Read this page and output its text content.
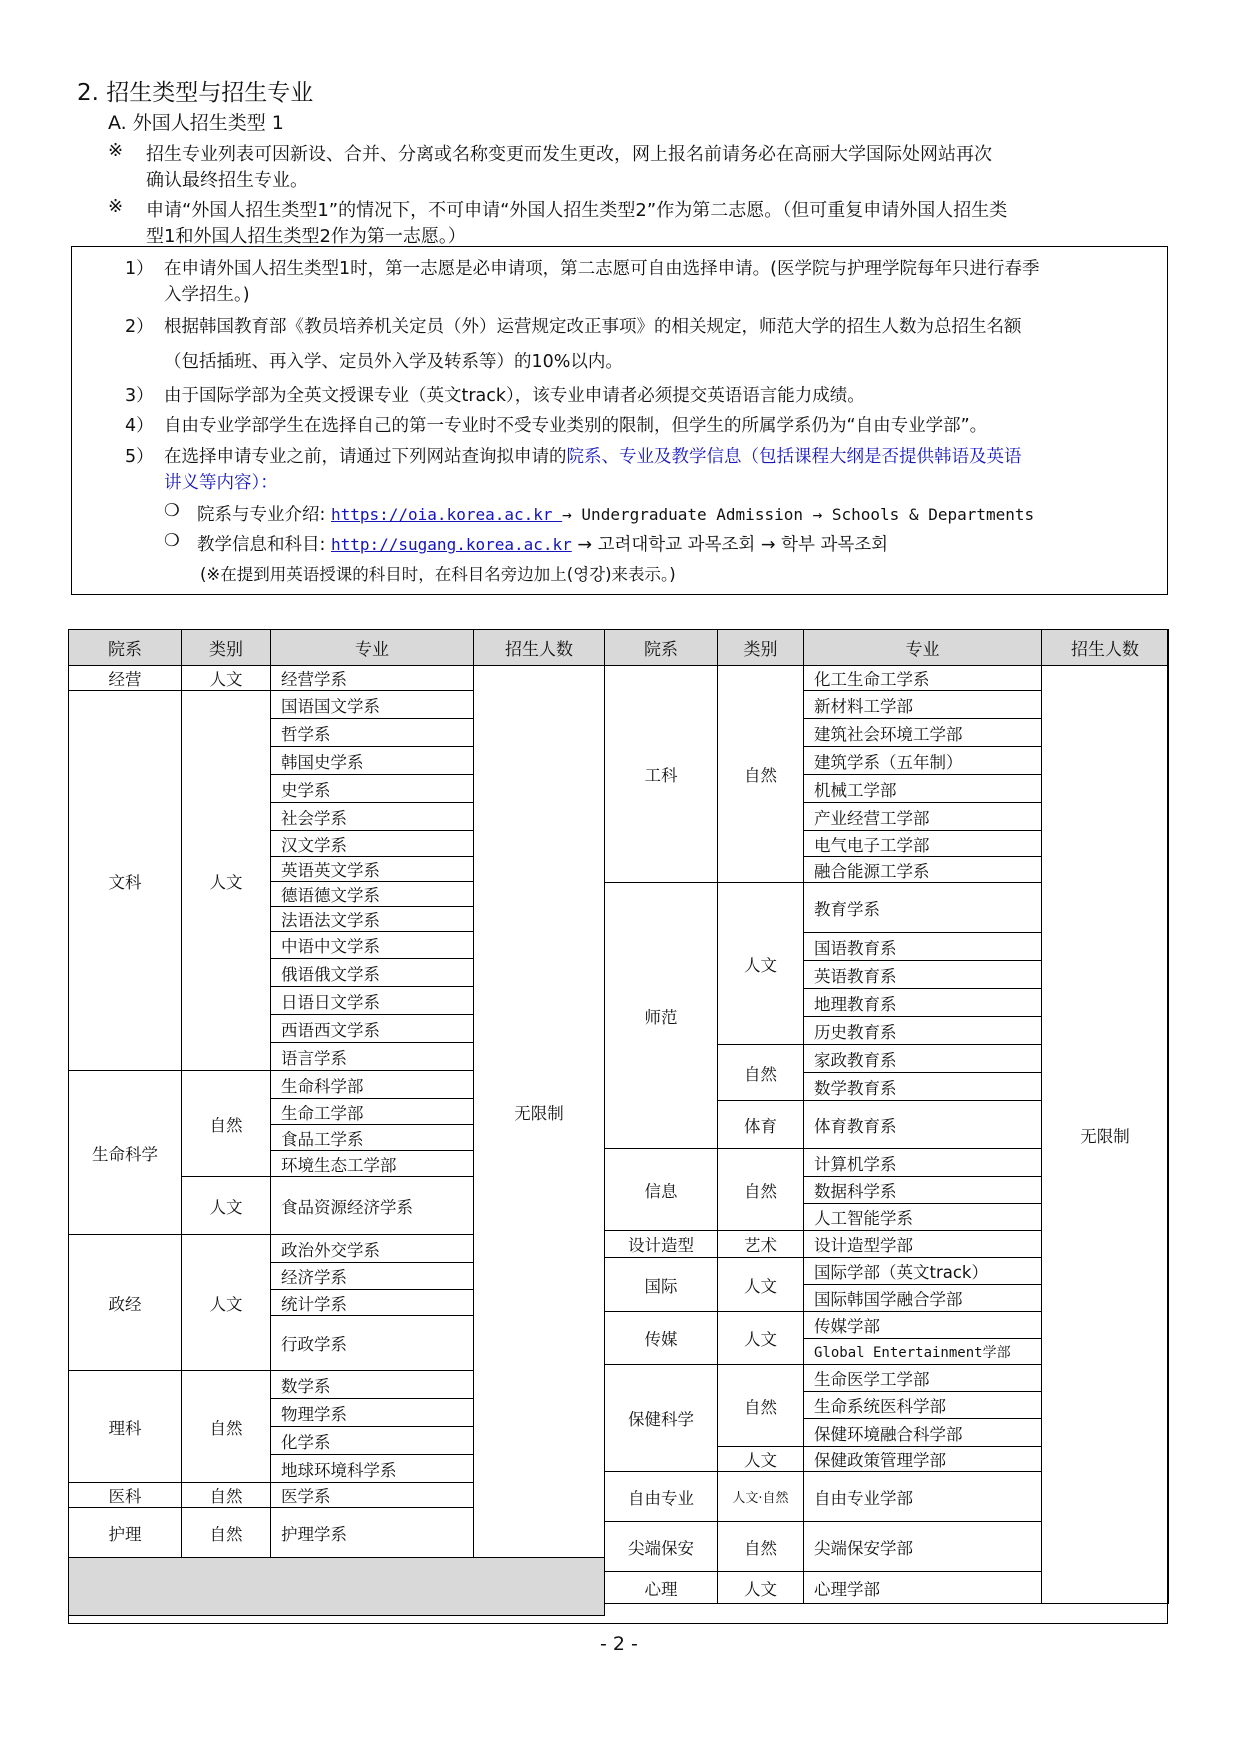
2. 招生类型与招生专业
A. 外国人招生类型 1
※ 招生专业列表可因新设、合并、分离或名称变更而发生更改，网上报名前请务必在高丽大学国际处网站再次
确认最终招生专业。
※ 申请“外国人招生类型1”的情况下，不可申请“外国人招生类型2”作为第二志愿。（但可重复申请外国人招生类
型1和外国人招生类型2作为第一志愿。）
1） 在申请外国人招生类型1时，第一志愿是必申请项，第二志愿可自由选择申请。(医学院与护理学院每年只进行春季
入学招生。)
2） 根据韩国教育部《教员培养机关定员（外）运营规定改正事项》的相关规定，师范大学的招生人数为总招生名额
（包括插班、再入学、定员外入学及转系等）的10%以内。
3） 由于国际学部为全英文授课专业（英文track），该专业申请者必须提交英语语言能力成绩。
4） 自由专业学部学生在选择自己的第一专业时不受专业类别的限制，但学生的所属学系仍为“自由专业学部”。
5） 在选择申请专业之前，请通过下列网站查询拟申请的院系、专业及教学信息（包括课程大纲是否提供韩语及英语
讲义等内容）：
❍ 院系与专业介绍: https://oia.korea.ac.kr → Undergraduate Admission → Schools & Departments
❍ 教学信息和科目: http://sugang.korea.ac.kr → 고려대학교 과목조회 → 학부 과목조회
(※在提到用英语授课的科目时，在科目名旁边加上(영강)来表示。)
院系	类别	专业	招生人数
经营	人文	经营学系	无限制
文科	人文	国语国文学系	
		哲学系	
		韩国史学系	
		史学系	
		社会学系	
		汉文学系	
		英语英文学系	
		德语德文学系	
		法语法文学系	
		中语中文学系	
		俄语俄文学系	
		日语日文学系	
		西语西文学系	
		语言学系	
生命科学	自然	生命科学部	
		生命工学部	
		食品工学系	
		环境生态工学部	
	人文	食品资源经济学系	
政经	人文	政治外交学系	
		经济学系	
		统计学系	
		行政学系	
理科	自然	数学系	
		物理学系	
		化学系	
		地球环境科学系	
医科	自然	医学系	
护理	自然	护理学系	

院系	类别	专业	招生人数
工科	自然	化工生命工学系	无限制
		新材料工学部	
		建筑社会环境工学部	
		建筑学系（五年制）	
		机械工学部	
		产业经营工学部	
		电气电子工学部	
		融合能源工学系	
师范	人文	教育学系	
		国语教育系	
		英语教育系	
		地理教育系	
		历史教育系	
	自然	家政教育系	
		数学教育系	
	体育	体育教育系	
信息	自然	计算机学系	
		数据科学系	
		人工智能学系	
设计造型	艺术	设计造型学部	
国际	人文	国际学部（英文track）	
		国际韩国学融合学部	
传媒	人文	传媒学部	
		Global Entertainment学部	
保健科学	自然	生命医学工学部	
		生命系统医科学部	
		保健环境融合科学部	
	人文	保健政策管理学部	
自由专业	人文·自然	自由专业学部	
尖端保安	自然	尖端保安学部	
心理	人文	心理学部	
- 2 -
